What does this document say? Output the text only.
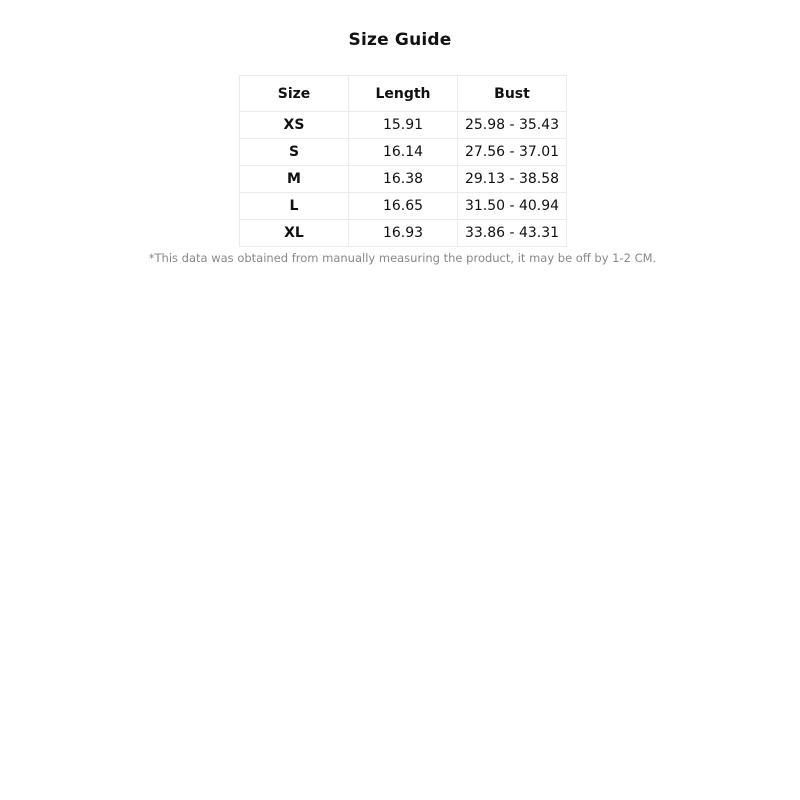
Size Guide
Size	Length	Bust
XS	15.91	25.98 - 35.43
S	16.14	27.56 - 37.01
M	16.38	29.13 - 38.58
L	16.65	31.50 - 40.94
XL	16.93	33.86 - 43.31
*This data was obtained from manually measuring the product, it may be off by 1-2 CM.
